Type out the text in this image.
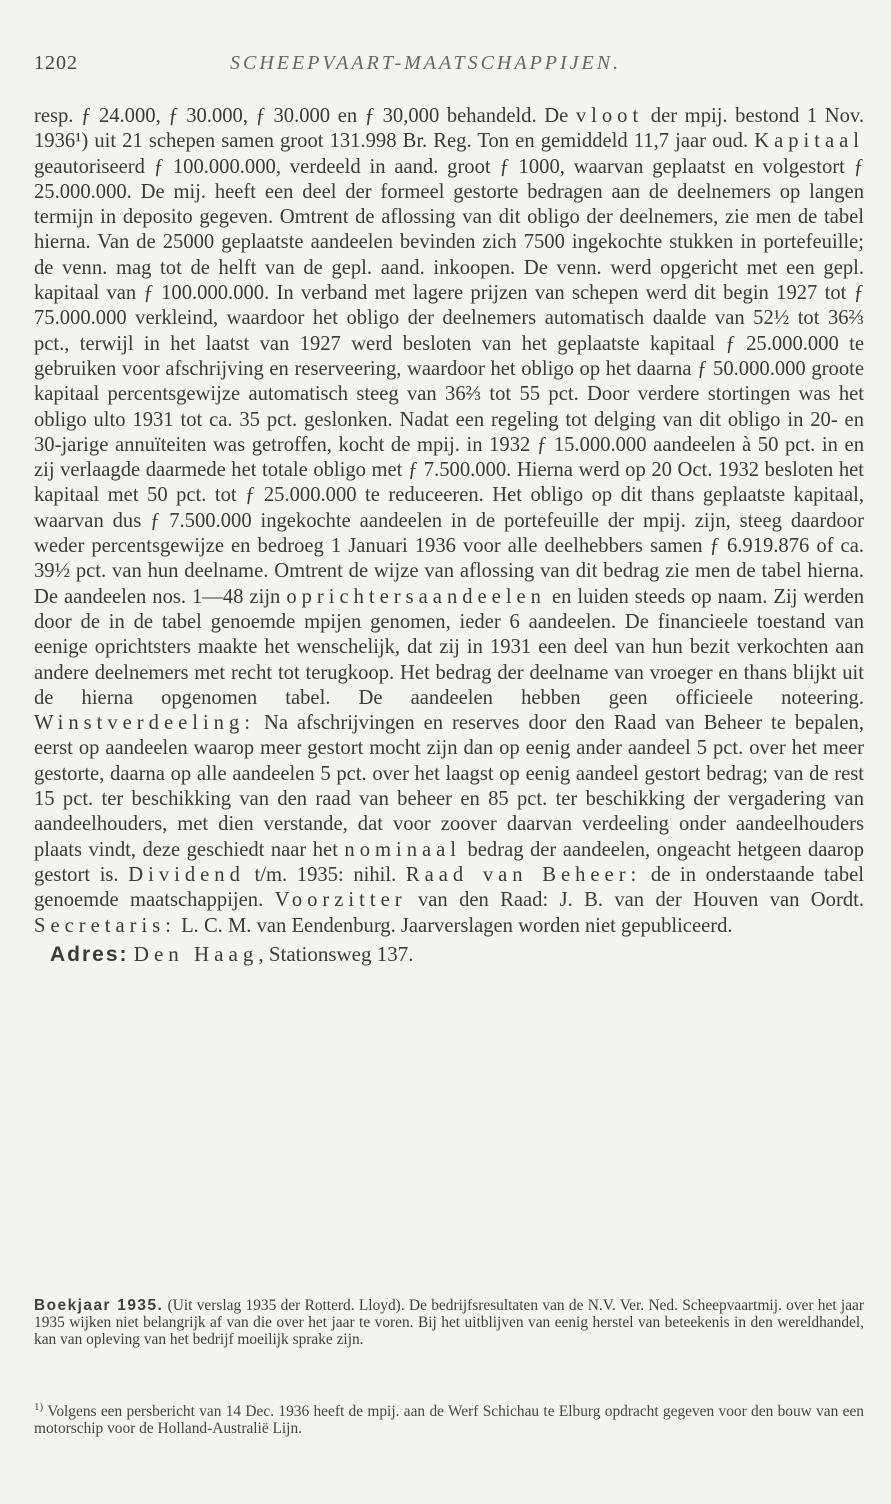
1202	SCHEEPVAART-MAATSCHAPPIJEN.
resp. ƒ 24.000, ƒ 30.000, ƒ 30.000 en ƒ 30,000 behandeld. De vloot der mpij. bestond 1 Nov. 1936¹) uit 21 schepen samen groot 131.998 Br. Reg. Ton en gemiddeld 11,7 jaar oud. Kapitaal geautoriseerd ƒ 100.000.000, verdeeld in aand. groot ƒ 1000, waarvan geplaatst en volgestort ƒ 25.000.000. De mij. heeft een deel der formeel gestorte bedragen aan de deelnemers op langen termijn in deposito gegeven. Omtrent de aflossing van dit obligo der deelnemers, zie men de tabel hierna. Van de 25000 geplaatste aandeelen bevinden zich 7500 ingekochte stukken in portefeuille; de venn. mag tot de helft van de gepl. aand. inkoopen. De venn. werd opgericht met een gepl. kapitaal van ƒ 100.000.000. In verband met lagere prijzen van schepen werd dit begin 1927 tot ƒ 75.000.000 verkleind, waardoor het obligo der deelnemers automatisch daalde van 52½ tot 36⅔ pct., terwijl in het laatst van 1927 werd besloten van het geplaatste kapitaal ƒ 25.000.000 te gebruiken voor afschrijving en reserveering, waardoor het obligo op het daarna ƒ 50.000.000 groote kapitaal percentsgewijze automatisch steeg van 36⅔ tot 55 pct. Door verdere stortingen was het obligo ulto 1931 tot ca. 35 pct. geslonken. Nadat een regeling tot delging van dit obligo in 20- en 30-jarige annuïteiten was getroffen, kocht de mpij. in 1932 ƒ 15.000.000 aandeelen à 50 pct. in en zij verlaagde daarmede het totale obligo met ƒ 7.500.000. Hierna werd op 20 Oct. 1932 besloten het kapitaal met 50 pct. tot ƒ 25.000.000 te reduceeren. Het obligo op dit thans geplaatste kapitaal, waarvan dus ƒ 7.500.000 ingekochte aandeelen in de portefeuille der mpij. zijn, steeg daardoor weder percentsgewijze en bedroeg 1 Januari 1936 voor alle deelhebbers samen ƒ 6.919.876 of ca. 39½ pct. van hun deelname. Omtrent de wijze van aflossing van dit bedrag zie men de tabel hierna. De aandeelen nos. 1—48 zijn oprichtersaandeelen en luiden steeds op naam. Zij werden door de in de tabel genoemde mpijen genomen, ieder 6 aandeelen. De financieele toestand van eenige oprichtsters maakte het wenschelijk, dat zij in 1931 een deel van hun bezit verkochten aan andere deelnemers met recht tot terugkoop. Het bedrag der deelname van vroeger en thans blijkt uit de hierna opgenomen tabel. De aandeelen hebben geen officieele noteering. Winstverdeeling: Na afschrijvingen en reserves door den Raad van Beheer te bepalen, eerst op aandeelen waarop meer gestort mocht zijn dan op eenig ander aandeel 5 pct. over het meer gestorte, daarna op alle aandeelen 5 pct. over het laagst op eenig aandeel gestort bedrag; van de rest 15 pct. ter beschikking van den raad van beheer en 85 pct. ter beschikking der vergadering van aandeelhouders, met dien verstande, dat voor zoover daarvan verdeeling onder aandeelhouders plaats vindt, deze geschiedt naar het nominaal bedrag der aandeelen, ongeacht hetgeen daarop gestort is. Dividend t/m. 1935: nihil. Raad van Beheer: de in onderstaande tabel genoemde maatschappijen. Voorzitter van den Raad: J. B. van der Houven van Oordt. Secretaris: L. C. M. van Eendenburg. Jaarverslagen worden niet gepubliceerd.
Adres: Den Haag, Stationsweg 137.
Boekjaar 1935. (Uit verslag 1935 der Rotterd. Lloyd). De bedrijfsresultaten van de N.V. Ver. Ned. Scheepvaartmij. over het jaar 1935 wijken niet belangrijk af van die over het jaar te voren. Bij het uitblijven van eenig herstel van beteekenis in den wereldhandel, kan van opleving van het bedrijf moeilijk sprake zijn.
$^{1)}$ Volgens een persbericht van 14 Dec. 1936 heeft de mpij. aan de Werf Schichau te Elburg opdracht gegeven voor den bouw van een motorschip voor de Holland-Australië Lijn.
